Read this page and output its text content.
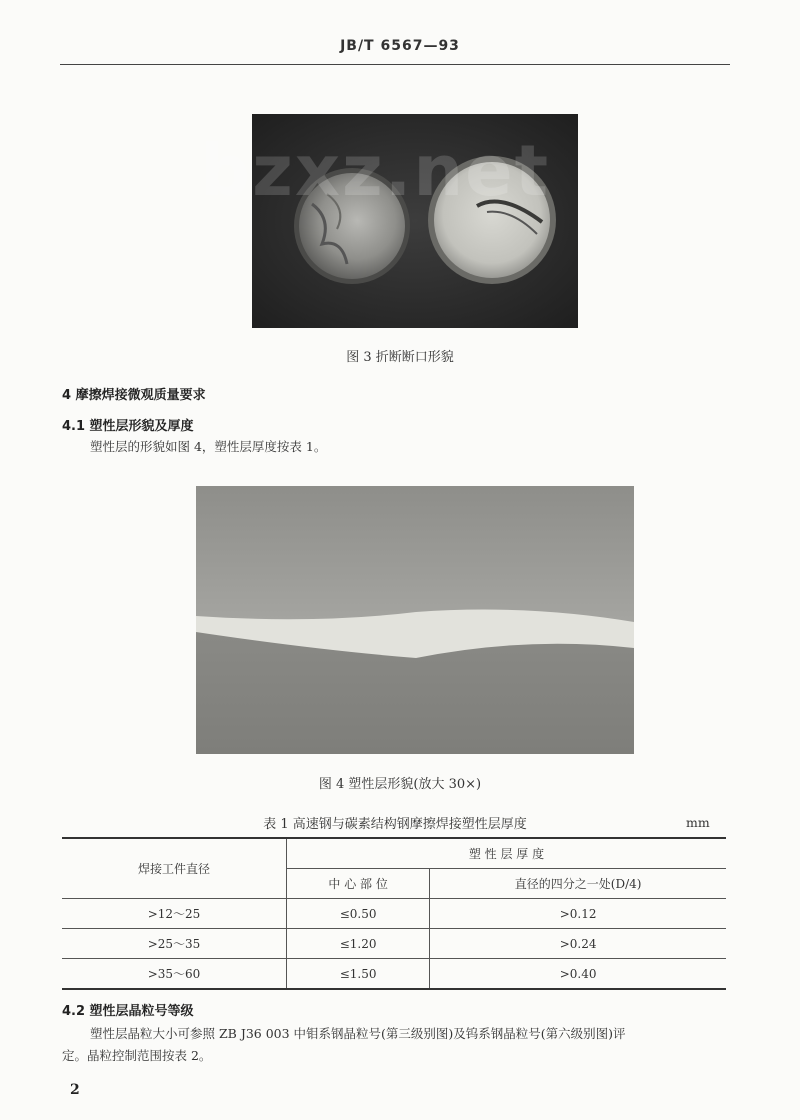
JB/T 6567—93
bzxz.net
图 3 折断断口形貌
4 摩擦焊接微观质量要求
4.1 塑性层形貌及厚度
塑性层的形貌如图 4，塑性层厚度按表 1。
图 4 塑性层形貌(放大 30×)
表 1 高速钢与碳素结构钢摩擦焊接塑性层厚度	mm
焊接工件直径	塑 性 层 厚 度	
	中 心 部 位	直径的四分之一处(D/4)
>12～25	≤0.50	>0.12
>25～35	≤1.20	>0.24
>35～60	≤1.50	>0.40
4.2 塑性层晶粒号等级
塑性层晶粒大小可参照 ZB J36 003 中钼系钢晶粒号(第三级别图)及钨系钢晶粒号(第六级别图)评
定。晶粒控制范围按表 2。
2
